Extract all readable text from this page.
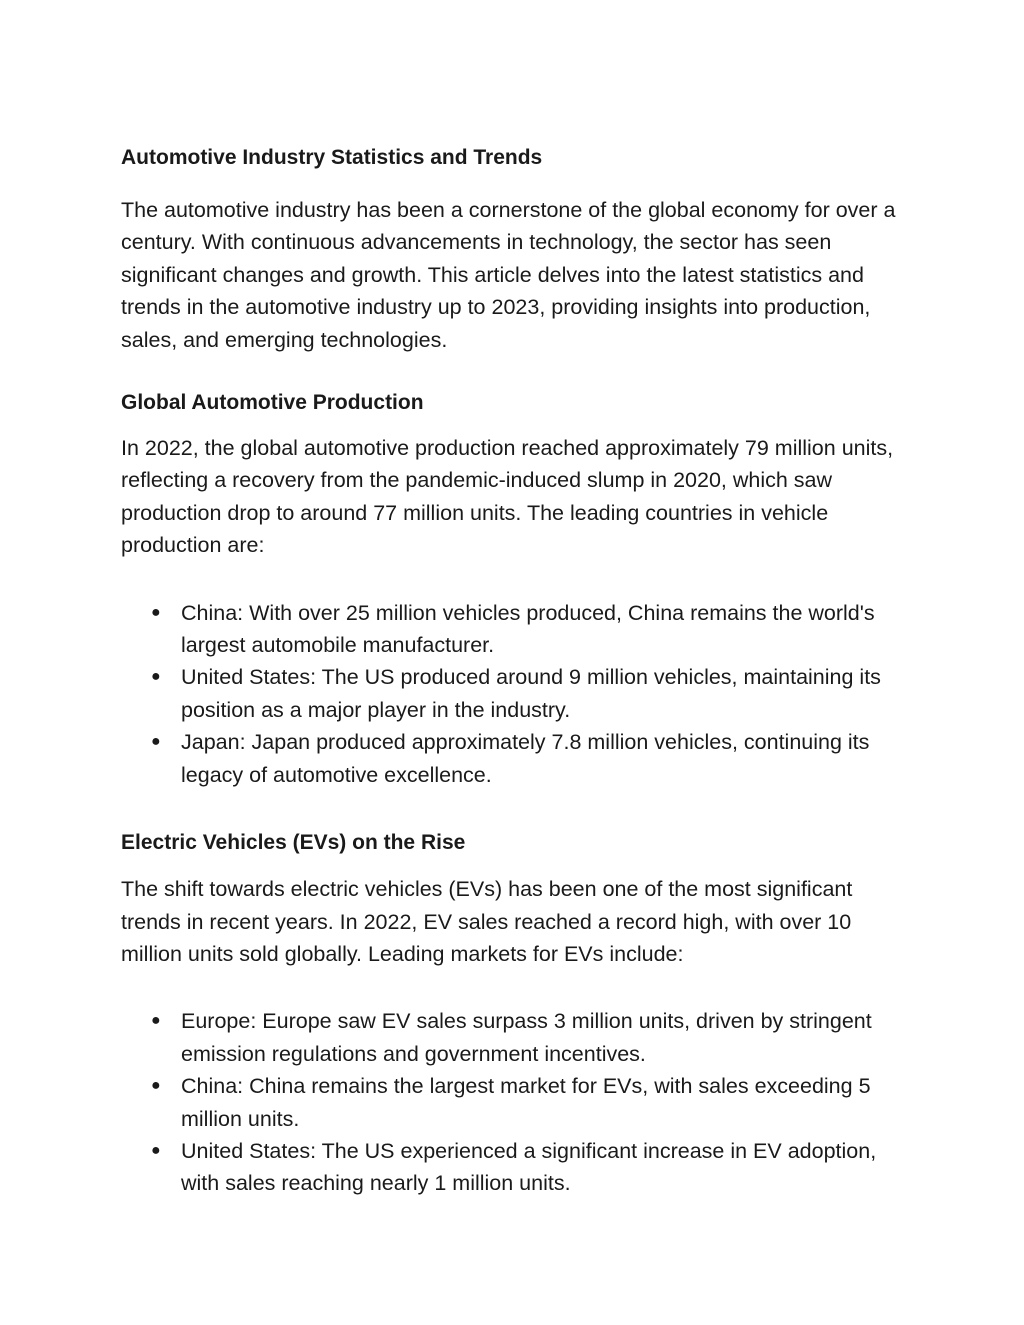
Automotive Industry Statistics and Trends

The automotive industry has been a cornerstone of the global economy for over a century. With continuous advancements in technology, the sector has seen significant changes and growth. This article delves into the latest statistics and trends in the automotive industry up to 2023, providing insights into production, sales, and emerging technologies.

Global Automotive Production

In 2022, the global automotive production reached approximately 79 million units, reflecting a recovery from the pandemic-induced slump in 2020, which saw production drop to around 77 million units. The leading countries in vehicle production are:

● China: With over 25 million vehicles produced, China remains the world's largest automobile manufacturer.
● United States: The US produced around 9 million vehicles, maintaining its position as a major player in the industry.
● Japan: Japan produced approximately 7.8 million vehicles, continuing its legacy of automotive excellence.
Electric Vehicles (EVs) on the Rise

The shift towards electric vehicles (EVs) has been one of the most significant trends in recent years. In 2022, EV sales reached a record high, with over 10 million units sold globally. Leading markets for EVs include:

● Europe: Europe saw EV sales surpass 3 million units, driven by stringent emission regulations and government incentives.
● China: China remains the largest market for EVs, with sales exceeding 5 million units.
● United States: The US experienced a significant increase in EV adoption, with sales reaching nearly 1 million units.
